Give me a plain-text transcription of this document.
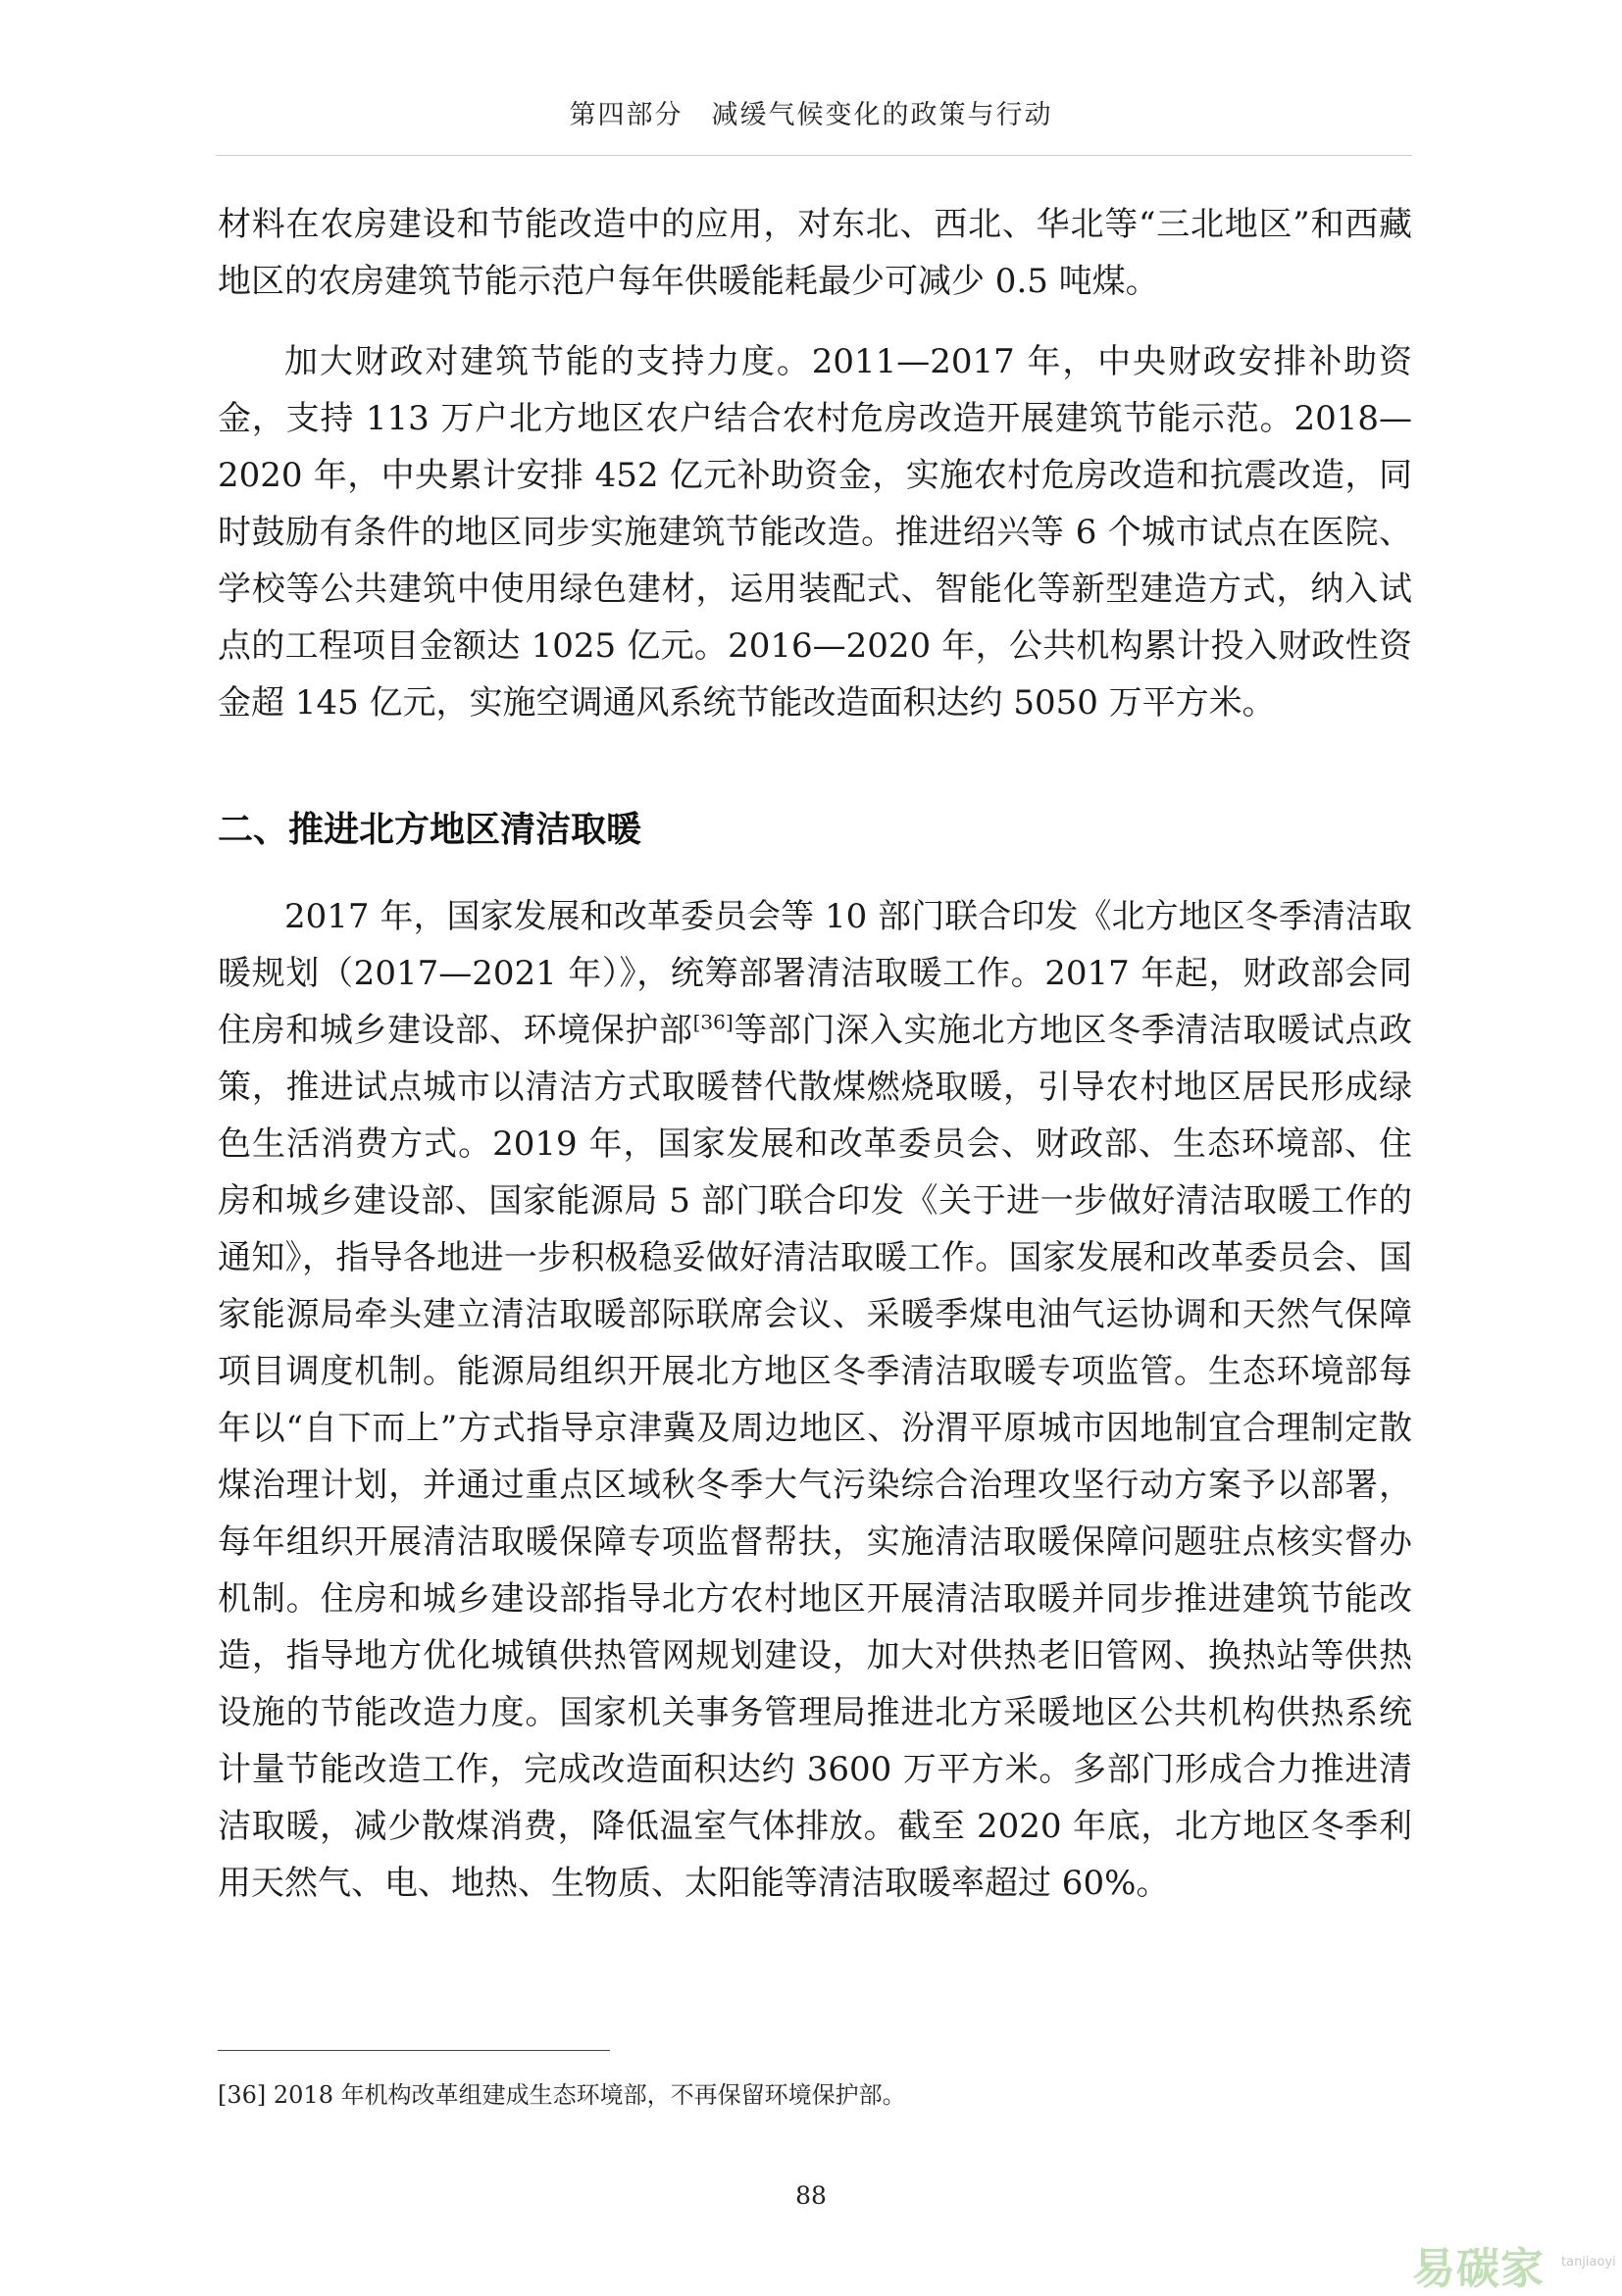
第四部分　减缓气候变化的政策与行动

材料在农房建设和节能改造中的应用，对东北、西北、华北等“三北地区”和西藏地区的农房建筑节能示范户每年供暖能耗最少可减少 0.5 吨煤。

加大财政对建筑节能的支持力度。2011—2017 年，中央财政安排补助资金，支持 113 万户北方地区农户结合农村危房改造开展建筑节能示范。2018—2020 年，中央累计安排 452 亿元补助资金，实施农村危房改造和抗震改造，同时鼓励有条件的地区同步实施建筑节能改造。推进绍兴等 6 个城市试点在医院、学校等公共建筑中使用绿色建材，运用装配式、智能化等新型建造方式，纳入试点的工程项目金额达 1025 亿元。2016—2020 年，公共机构累计投入财政性资金超 145 亿元，实施空调通风系统节能改造面积达约 5050 万平方米。

二、推进北方地区清洁取暖

2017 年，国家发展和改革委员会等 10 部门联合印发《北方地区冬季清洁取暖规划（2017—2021 年）》，统筹部署清洁取暖工作。2017 年起，财政部会同住房和城乡建设部、环境保护部[36]等部门深入实施北方地区冬季清洁取暖试点政策，推进试点城市以清洁方式取暖替代散煤燃烧取暖，引导农村地区居民形成绿色生活消费方式。2019 年，国家发展和改革委员会、财政部、生态环境部、住房和城乡建设部、国家能源局 5 部门联合印发《关于进一步做好清洁取暖工作的通知》，指导各地进一步积极稳妥做好清洁取暖工作。国家发展和改革委员会、国家能源局牵头建立清洁取暖部际联席会议、采暖季煤电油气运协调和天然气保障项目调度机制。能源局组织开展北方地区冬季清洁取暖专项监管。生态环境部每年以“自下而上”方式指导京津冀及周边地区、汾渭平原城市因地制宜合理制定散煤治理计划，并通过重点区域秋冬季大气污染综合治理攻坚行动方案予以部署，每年组织开展清洁取暖保障专项监督帮扶，实施清洁取暖保障问题驻点核实督办机制。住房和城乡建设部指导北方农村地区开展清洁取暖并同步推进建筑节能改造，指导地方优化城镇供热管网规划建设，加大对供热老旧管网、换热站等供热设施的节能改造力度。国家机关事务管理局推进北方采暖地区公共机构供热系统计量节能改造工作，完成改造面积达约 3600 万平方米。多部门形成合力推进清洁取暖，减少散煤消费，降低温室气体排放。截至 2020 年底，北方地区冬季利用天然气、电、地热、生物质、太阳能等清洁取暖率超过 60%。

[36] 2018 年机构改革组建成生态环境部，不再保留环境保护部。
88
易碳家 tanjiaoyi
